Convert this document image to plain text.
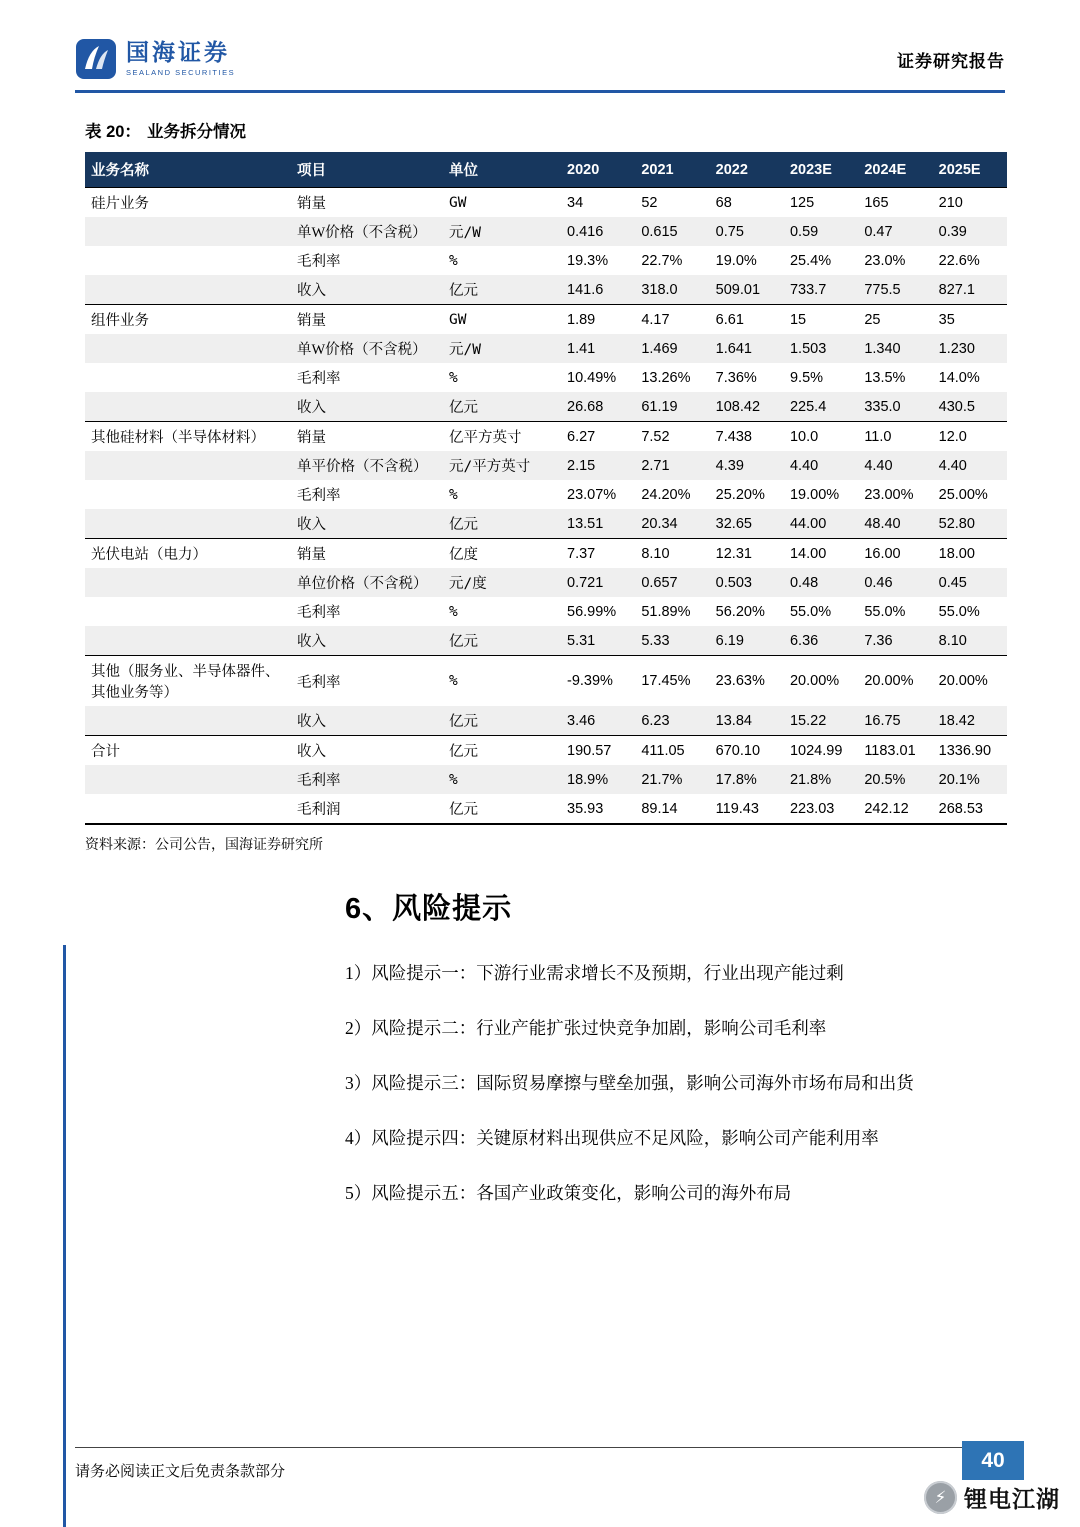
国海证券
SEALAND SECURITIES
证券研究报告
表 20： 业务拆分情况
业务名称	项目	单位	2020	2021	2022	2023E	2024E	2025E
硅片业务	销量	GW	34	52	68	125	165	210
	单W价格（不含税）	元/W	0.416	0.615	0.75	0.59	0.47	0.39
	毛利率	%	19.3%	22.7%	19.0%	25.4%	23.0%	22.6%
	收入	亿元	141.6	318.0	509.01	733.7	775.5	827.1
组件业务	销量	GW	1.89	4.17	6.61	15	25	35
	单W价格（不含税）	元/W	1.41	1.469	1.641	1.503	1.340	1.230
	毛利率	%	10.49%	13.26%	7.36%	9.5%	13.5%	14.0%
	收入	亿元	26.68	61.19	108.42	225.4	335.0	430.5
其他硅材料（半导体材料）	销量	亿平方英寸	6.27	7.52	7.438	10.0	11.0	12.0
	单平价格（不含税）	元/平方英寸	2.15	2.71	4.39	4.40	4.40	4.40
	毛利率	%	23.07%	24.20%	25.20%	19.00%	23.00%	25.00%
	收入	亿元	13.51	20.34	32.65	44.00	48.40	52.80
光伏电站（电力）	销量	亿度	7.37	8.10	12.31	14.00	16.00	18.00
	单位价格（不含税）	元/度	0.721	0.657	0.503	0.48	0.46	0.45
	毛利率	%	56.99%	51.89%	56.20%	55.0%	55.0%	55.0%
	收入	亿元	5.31	5.33	6.19	6.36	7.36	8.10
其他（服务业、半导体器件、其他业务等）	毛利率	%	-9.39%	17.45%	23.63%	20.00%	20.00%	20.00%
	收入	亿元	3.46	6.23	13.84	15.22	16.75	18.42
合计	收入	亿元	190.57	411.05	670.10	1024.99	1183.01	1336.90
	毛利率	%	18.9%	21.7%	17.8%	21.8%	20.5%	20.1%
	毛利润	亿元	35.93	89.14	119.43	223.03	242.12	268.53
资料来源：公司公告，国海证券研究所
6、风险提示
1）风险提示一：下游行业需求增长不及预期，行业出现产能过剩
2）风险提示二：行业产能扩张过快竞争加剧，影响公司毛利率
3）风险提示三：国际贸易摩擦与壁垒加强，影响公司海外市场布局和出货
4）风险提示四：关键原材料出现供应不足风险，影响公司产能利用率
5）风险提示五：各国产业政策变化，影响公司的海外布局
请务必阅读正文后免责条款部分
40
⚡ 锂电江湖
